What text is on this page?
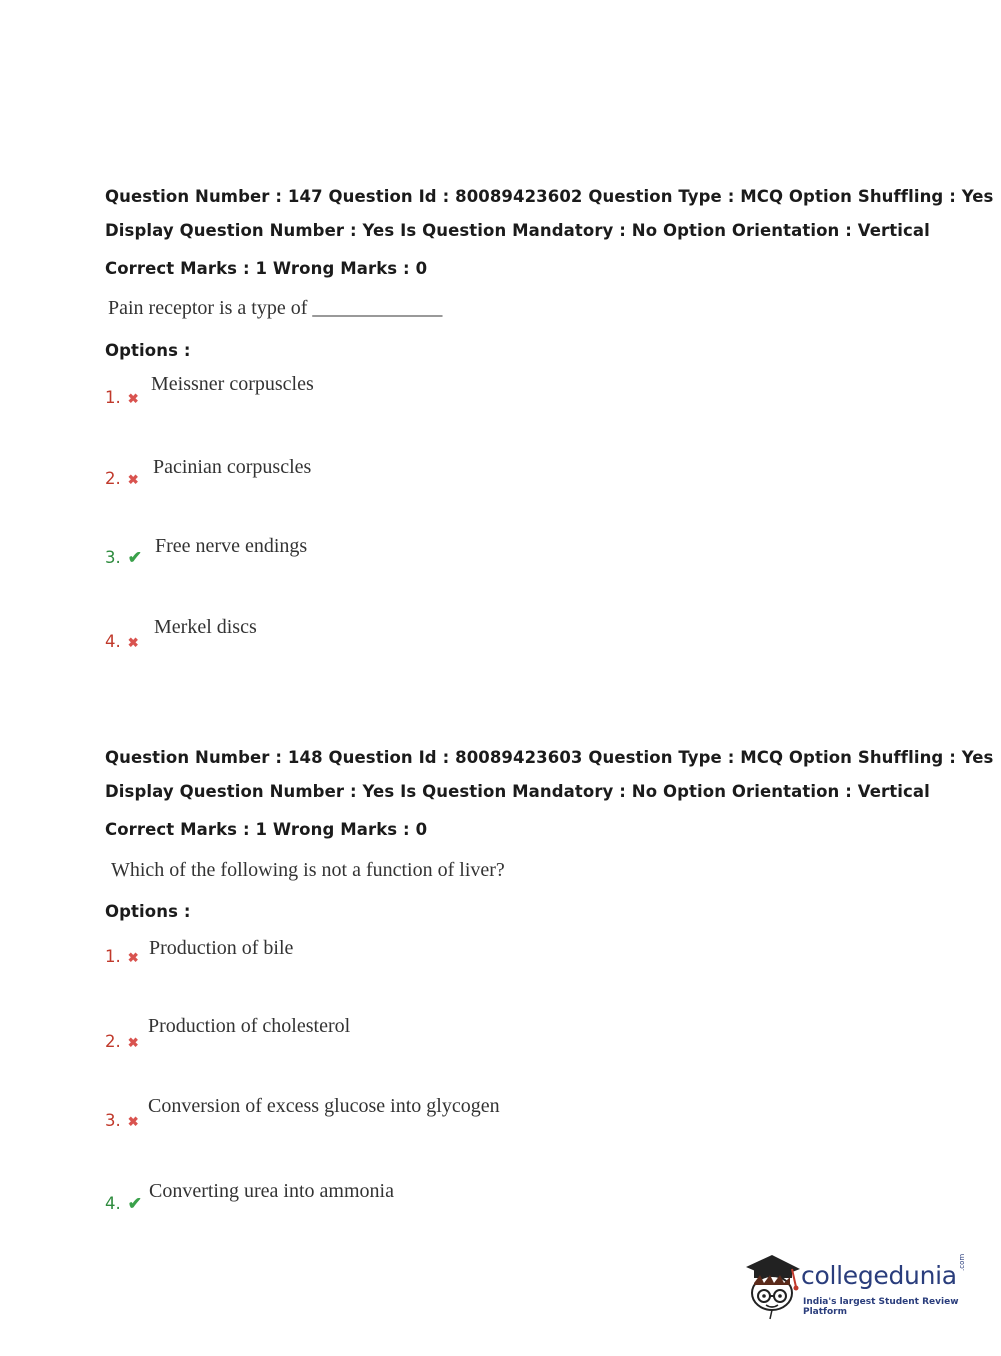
Question Number : 147 Question Id : 80089423602 Question Type : MCQ Option Shuffling : Yes
Display Question Number : Yes Is Question Mandatory : No Option Orientation : Vertical
Correct Marks : 1 Wrong Marks : 0
Pain receptor is a type of _____________
Options :
1. ✖
Meissner corpuscles
2. ✖
Pacinian corpuscles
3. ✔
Free nerve endings
4. ✖
Merkel discs
Question Number : 148 Question Id : 80089423603 Question Type : MCQ Option Shuffling : Yes
Display Question Number : Yes Is Question Mandatory : No Option Orientation : Vertical
Correct Marks : 1 Wrong Marks : 0
Which of the following is not a function of liver?
Options :
1. ✖ Production of bile
2. ✖
Production of cholesterol
3. ✖
Conversion of excess glucose into glycogen
4. ✔
Converting urea into ammonia
collegedunia .com
India's largest Student Review Platform
